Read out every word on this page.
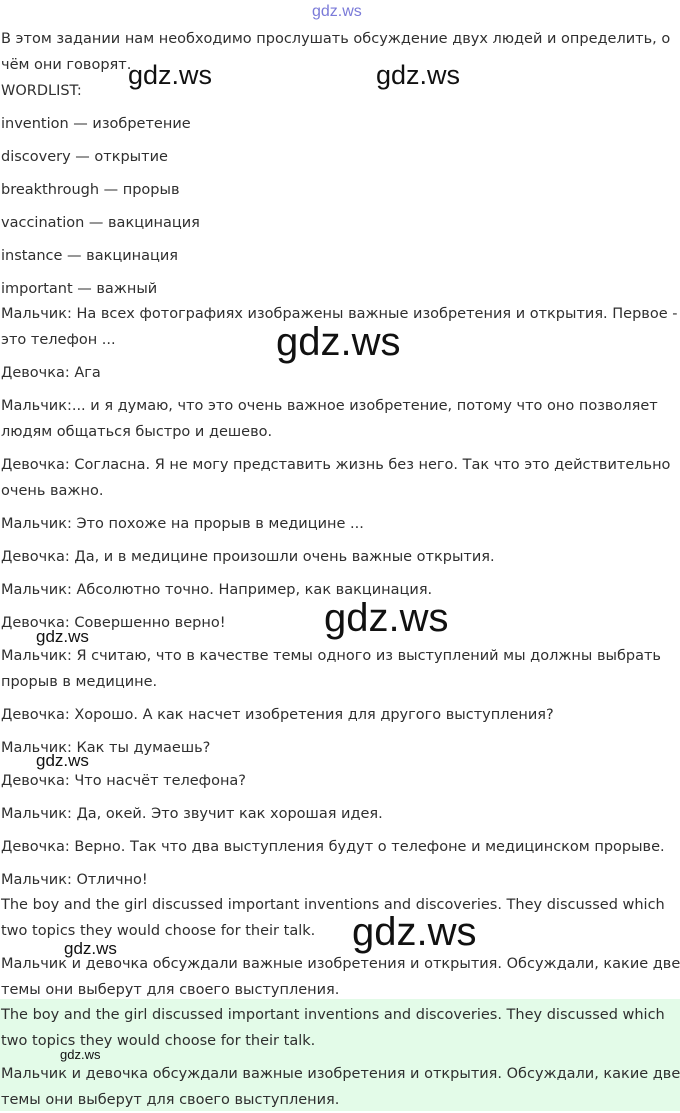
В этом задании нам необходимо прослушать обсуждение двух людей и определить, о
чём они говорят.
WORDLIST:
invention — изобретение
discovery — открытие
breakthrough — прорыв
vaccination — вакцинация
instance — вакцинация
important — важный
Мальчик: На всех фотографиях изображены важные изобретения и открытия. Первое -
это телефон ...
Девочка: Ага
Мальчик:... и я думаю, что это очень важное изобретение, потому что оно позволяет
людям общаться быстро и дешево.
Девочка: Согласна. Я не могу представить жизнь без него. Так что это действительно
очень важно.
Мальчик: Это похоже на прорыв в медицине ...
Девочка: Да, и в медицине произошли очень важные открытия.
Мальчик: Абсолютно точно. Например, как вакцинация.
Девочка: Совершенно верно!
Мальчик: Я считаю, что в качестве темы одного из выступлений мы должны выбрать
прорыв в медицине.
Девочка: Хорошо. А как насчет изобретения для другого выступления?
Мальчик: Как ты думаешь?
Девочка: Что насчёт телефона?
Мальчик: Да, окей. Это звучит как хорошая идея.
Девочка: Верно. Так что два выступления будут о телефоне и медицинском прорыве.
Мальчик: Отлично!
The boy and the girl discussed important inventions and discoveries. They discussed which
two topics they would choose for their talk.
Мальчик и девочка обсуждали важные изобретения и открытия. Обсуждали, какие две
темы они выберут для своего выступления.
The boy and the girl discussed important inventions and discoveries. They discussed which
two topics they would choose for their talk.
Мальчик и девочка обсуждали важные изобретения и открытия. Обсуждали, какие две
темы они выберут для своего выступления.
gdz.ws
gdz.ws	gdz.ws
gdz.ws
gdz.ws
gdz.ws
gdz.ws
gdz.ws
gdz.ws
gdz.ws
